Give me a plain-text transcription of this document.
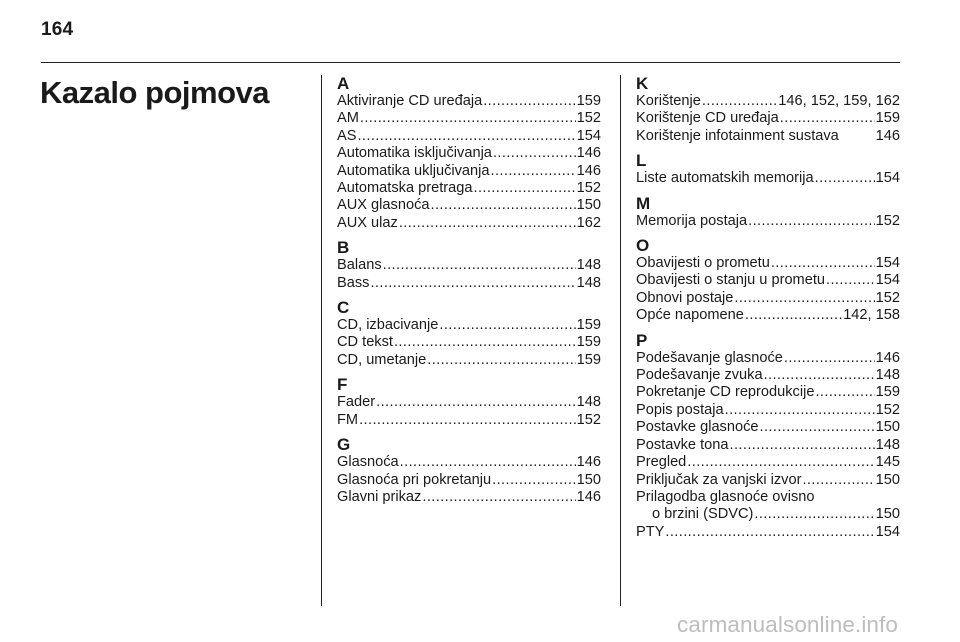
164
Kazalo pojmova	A
Aktiviranje CD uređaja .....	159
AM .....	152
AS .....	154
Automatika isključivanja .....	146
Automatika uključivanja .....	146
Automatska pretraga .....	152
AUX glasnoća .....	150
AUX ulaz .....	162
B
Balans .....	148
Bass .....	148
C
CD, izbacivanje .....	159
CD tekst .....	159
CD, umetanje .....	159
F
Fader .....	148
FM .....	152
G
Glasnoća .....	146
Glasnoća pri pokretanju .....	150
Glavni prikaz .....	146
K
Korištenje .....	146, 152, 159, 162
Korištenje CD uređaja .....	159
Korištenje infotainment sustava	146
L
Liste automatskih memorija .....	154
M
Memorija postaja .....	152
O
Obavijesti o prometu .....	154
Obavijesti o stanju u prometu .....	154
Obnovi postaje .....	152
Opće napomene .....	142, 158
P
Podešavanje glasnoće .....	146
Podešavanje zvuka .....	148
Pokretanje CD reprodukcije .....	159
Popis postaja .....	152
Postavke glasnoće .....	150
Postavke tona .....	148
Pregled .....	145
Priključak za vanjski izvor .....	150
Prilagodba glasnoće ovisno
o brzini (SDVC) .....	150
PTY .....	154
carmanualsonline.info
